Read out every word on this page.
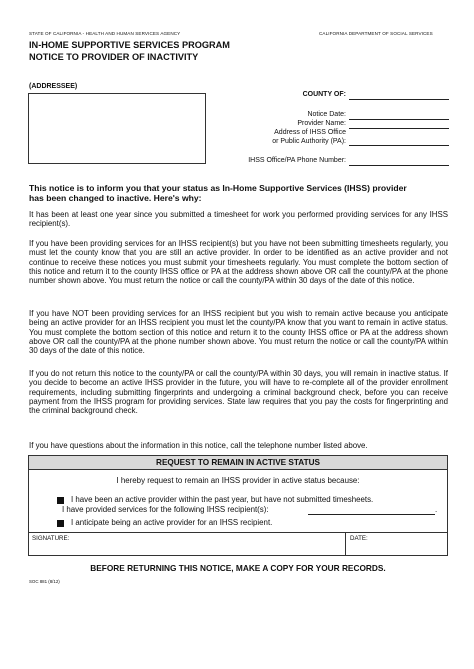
STATE OF CALIFORNIA - HEALTH AND HUMAN SERVICES AGENCY	CALIFORNIA DEPARTMENT OF SOCIAL SERVICES
IN-HOME SUPPORTIVE SERVICES PROGRAM
NOTICE TO PROVIDER OF INACTIVITY
(ADDRESSEE)
COUNTY OF:
Notice Date:
Provider Name:
Address of IHSS Office
or Public Authority (PA):
IHSS Office/PA Phone Number:
This notice is to inform you that your status as In-Home Supportive Services (IHSS) provider
has been changed to inactive. Here's why:
It has been at least one year since you submitted a timesheet for work you performed providing services for any IHSS recipient(s).
If you have been providing services for an IHSS recipient(s) but you have not been submitting timesheets regularly, you must let the county know that you are still an active provider. In order to be identified as an active provider and not continue to receive these notices you must submit your timesheets regularly. You must complete the bottom section of this notice and return it to the county IHSS office or PA at the address shown above OR call the county/PA at the phone number shown above. You must return the notice or call the county/PA within 30 days of the date of this notice.
If you have NOT been providing services for an IHSS recipient but you wish to remain active because you anticipate being an active provider for an IHSS recipient you must let the county/PA know that you want to remain in active status. You must complete the bottom section of this notice and return it to the county IHSS office or PA at the address shown above OR call the county/PA at the phone number shown above. You must return the notice or call the county/PA within 30 days of the date of this notice.
If you do not return this notice to the county/PA or call the county/PA within 30 days, you will remain in inactive status. If you decide to become an active IHSS provider in the future, you will have to re-complete all of the provider enrollment requirements, including submitting fingerprints and undergoing a criminal background check, before you can receive payment from the IHSS program for providing services. State law requires that you pay the costs for fingerprinting and the criminal background check.
If you have questions about the information in this notice, call the telephone number listed above.
REQUEST TO REMAIN IN ACTIVE STATUS
I hereby request to remain an IHSS provider in active status because:
I have been an active provider within the past year, but have not submitted timesheets.
I have provided services for the following IHSS recipient(s):	.
I anticipate being an active provider for an IHSS recipient.
SIGNATURE:	DATE:
BEFORE RETURNING THIS NOTICE, MAKE A COPY FOR YOUR RECORDS.
SOC 881 (8/12)
